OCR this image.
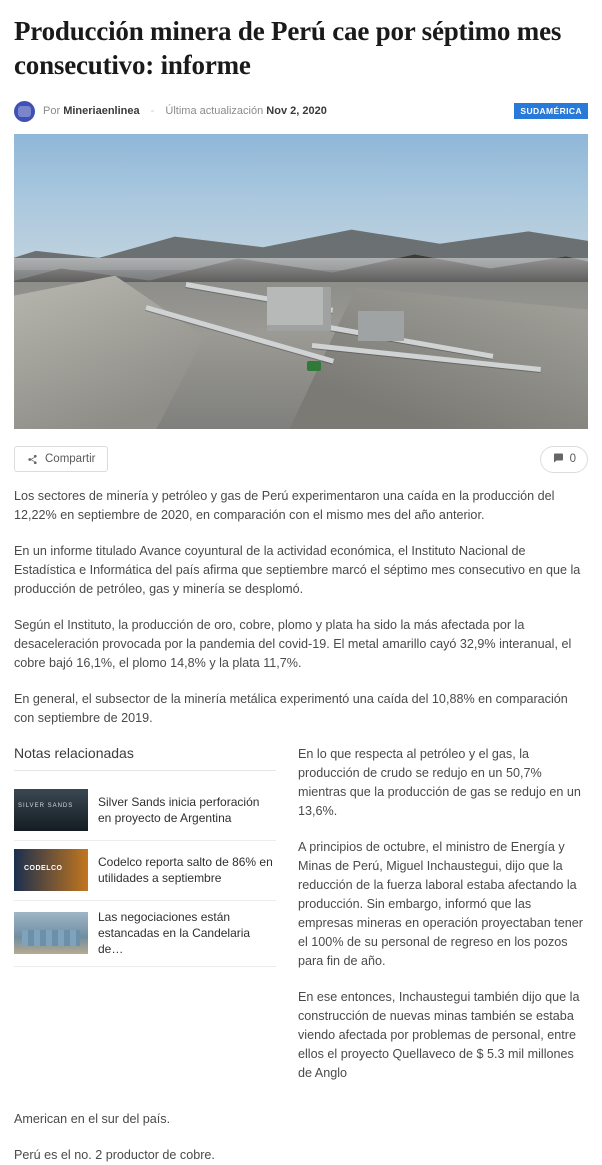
Producción minera de Perú cae por séptimo mes consecutivo: informe
Por Mineriaenlinea - Última actualización Nov 2, 2020	SUDAMÉRICA
Compartir	0

Los sectores de minería y petróleo y gas de Perú experimentaron una caída en la producción del 12,22% en septiembre de 2020, en comparación con el mismo mes del año anterior.

En un informe titulado Avance coyuntural de la actividad económica, el Instituto Nacional de Estadística e Informática del país afirma que septiembre marcó el séptimo mes consecutivo en que la producción de petróleo, gas y minería se desplomó.

Según el Instituto, la producción de oro, cobre, plomo y plata ha sido la más afectada por la desaceleración provocada por la pandemia del covid-19. El metal amarillo cayó 32,9% interanual, el cobre bajó 16,1%, el plomo 14,8% y la plata 11,7%.

En general, el subsector de la minería metálica experimentó una caída del 10,88% en comparación con septiembre de 2019.

Notas relacionadas
SILVER SANDS
Silver Sands inicia perforación en proyecto de Argentina
CODELCO
Codelco reporta salto de 86% en utilidades a septiembre
Las negociaciones están estancadas en la Candelaria de…

En lo que respecta al petróleo y el gas, la producción de crudo se redujo en un 50,7% mientras que la producción de gas se redujo en un 13,6%.

A principios de octubre, el ministro de Energía y Minas de Perú, Miguel Inchaustegui, dijo que la reducción de la fuerza laboral estaba afectando la producción. Sin embargo, informó que las empresas mineras en operación proyectaban tener el 100% de su personal de regreso en los pozos para fin de año.

En ese entonces, Inchaustegui también dijo que la construcción de nuevas minas también se estaba viendo afectada por problemas de personal, entre ellos el proyecto Quellaveco de $ 5.3 mil millones de Anglo

American en el sur del país.

Perú es el no. 2 productor de cobre.
